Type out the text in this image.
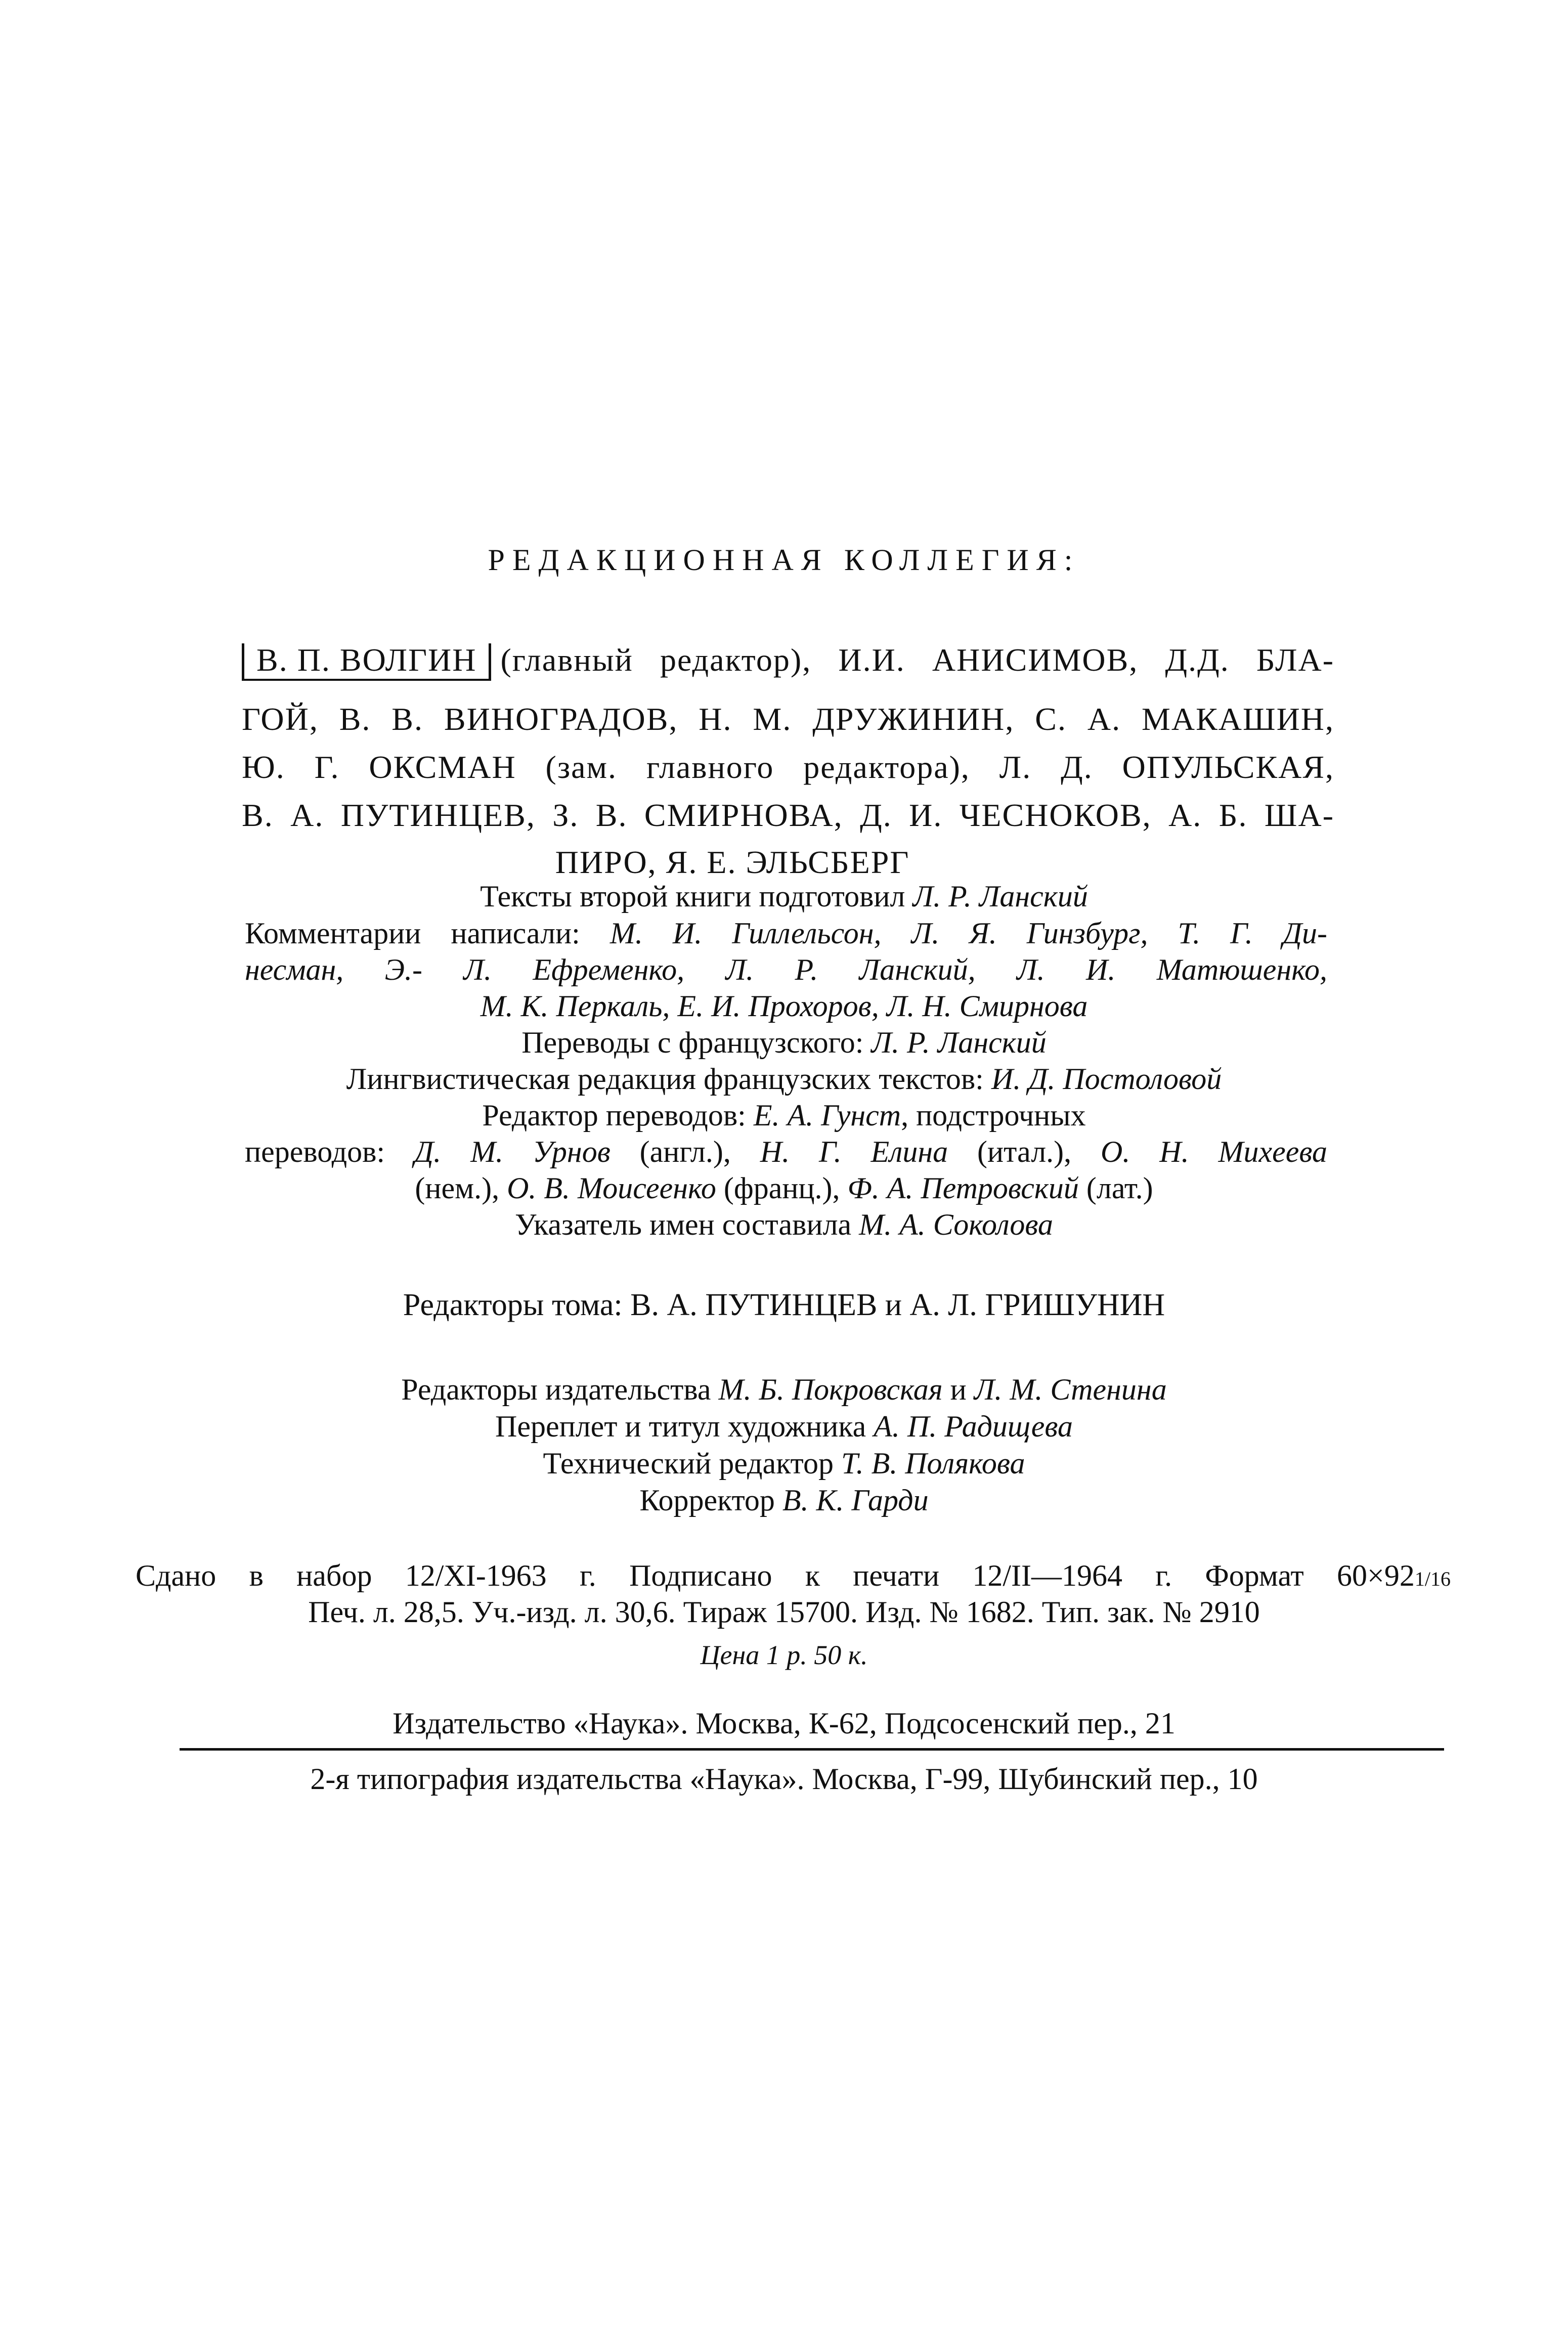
РЕДАКЦИОННАЯ КОЛЛЕГИЯ:
В. П. ВОЛГИН (главный редактор), И.И. АНИСИМОВ, Д.Д. БЛА-
ГОЙ, В. В. ВИНОГРАДОВ, Н. М. ДРУЖИНИН, С. А. МАКАШИН,
Ю. Г. ОКСМАН (зам. главного редактора), Л. Д. ОПУЛЬСКАЯ,
В. А. ПУТИНЦЕВ, З. В. СМИРНОВА, Д. И. ЧЕСНОКОВ, А. Б. ША-
ПИРО, Я. Е. ЭЛЬСБЕРГ
Тексты второй книги подготовил Л. Р. Ланский
Комментарии написали: М. И. Гиллельсон, Л. Я. Гинзбург, Т. Г. Ди-
несман, Э.- Л. Ефременко, Л. Р. Ланский, Л. И. Матюшенко,
М. К. Перкаль, Е. И. Прохоров, Л. Н. Смирнова
Переводы с французского: Л. Р. Ланский
Лингвистическая редакция французских текстов: И. Д. Постоловой
Редактор переводов: Е. А. Гунст, подстрочных
переводов: Д. М. Урнов (англ.), Н. Г. Елина (итал.), О. Н. Михеева
(нем.), О. В. Моисеенко (франц.), Ф. А. Петровский (лат.)
Указатель имен составила М. А. Соколова
Редакторы тома: В. А. ПУТИНЦЕВ и А. Л. ГРИШУНИН
Редакторы издательства М. Б. Покровская и Л. М. Стенина
Переплет и титул художника А. П. Радищева
Технический редактор Т. В. Полякова
Корректор В. К. Гарди
Сдано в набор 12/XI-1963 г. Подписано к печати 12/II—1964 г. Формат 60×921/16
Печ. л. 28,5. Уч.-изд. л. 30,6. Тираж 15700. Изд. № 1682. Тип. зак. № 2910
Цена 1 р. 50 к.
Издательство «Наука». Москва, К-62, Подсосенский пер., 21
2-я типография издательства «Наука». Москва, Г-99, Шубинский пер., 10
